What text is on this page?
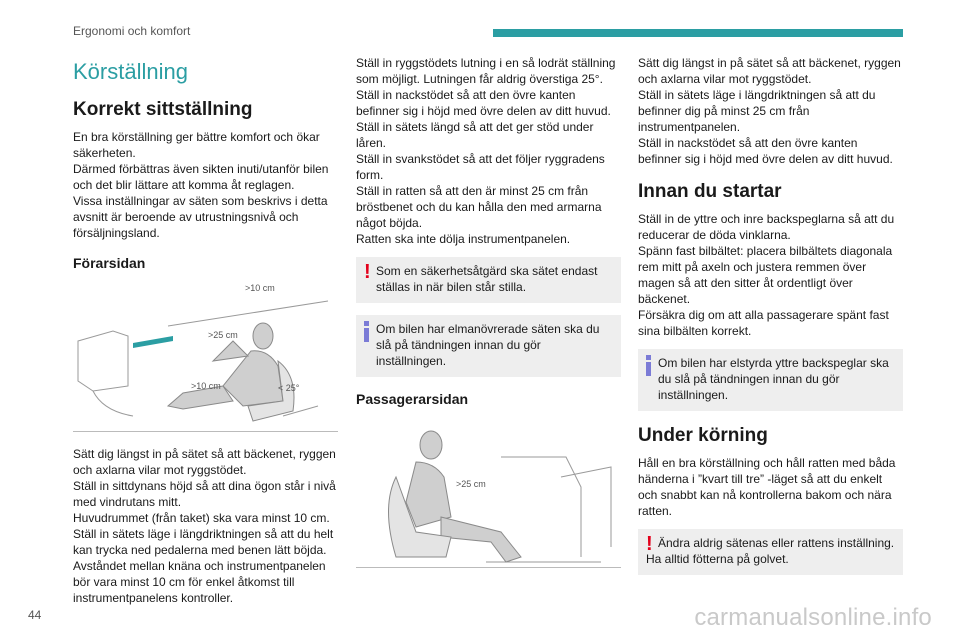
Ergonomi och komfort
Körställning
Korrekt sittställning

En bra körställning ger bättre komfort och ökar säkerheten.

Därmed förbättras även sikten inuti/utanför bilen och det blir lättare att komma åt reglagen.

Vissa inställningar av säten som beskrivs i detta avsnitt är beroende av utrustningsnivå och försäljningsland.

Förarsidan
>10 cm
>25 cm
>10 cm	< 25°

Sätt dig längst in på sätet så att bäckenet, ryggen och axlarna vilar mot ryggstödet.

Ställ in sittdynans höjd så att dina ögon står i nivå med vindrutans mitt.

Huvudrummet (från taket) ska vara minst 10 cm.

Ställ in sätets läge i längdriktningen så att du helt kan trycka ned pedalerna med benen lätt böjda.

Avståndet mellan knäna och instrumentpanelen bör vara minst 10 cm för enkel åtkomst till instrumentpanelens kontroller.

Ställ in ryggstödets lutning i en så lodrät ställning som möjligt. Lutningen får aldrig överstiga 25°.

Ställ in nackstödet så att den övre kanten befinner sig i höjd med övre delen av ditt huvud.

Ställ in sätets längd så att det ger stöd under låren.

Ställ in svankstödet så att det följer ryggradens form.

Ställ in ratten så att den är minst 25 cm från bröstbenet och du kan hålla den med armarna något böjda.

Ratten ska inte dölja instrumentpanelen.

! Som en säkerhetsåtgärd ska sätet endast ställas in när bilen står stilla.

Om bilen har elmanövrerade säten ska du slå på tändningen innan du gör inställningen.

Passagerarsidan
>25 cm

Sätt dig längst in på sätet så att bäckenet, ryggen och axlarna vilar mot ryggstödet.

Ställ in sätets läge i längdriktningen så att du befinner dig på minst 25 cm från instrumentpanelen.

Ställ in nackstödet så att den övre kanten befinner sig i höjd med övre delen av ditt huvud.

Innan du startar

Ställ in de yttre och inre backspeglarna så att du reducerar de döda vinklarna.

Spänn fast bilbältet: placera bilbältets diagonala rem mitt på axeln och justera remmen över magen så att den sitter åt ordentligt över bäckenet.

Försäkra dig om att alla passagerare spänt fast sina bilbälten korrekt.

Om bilen har elstyrda yttre backspeglar ska du slå på tändningen innan du gör inställningen.

Under körning

Håll en bra körställning och håll ratten med båda händerna i ”kvart till tre” -läget så att du enkelt och snabbt kan nå kontrollerna bakom och nära ratten.

! Ändra aldrig sätenas eller rattens inställning.

Ha alltid fötterna på golvet.

44	carmanualsonline.info
